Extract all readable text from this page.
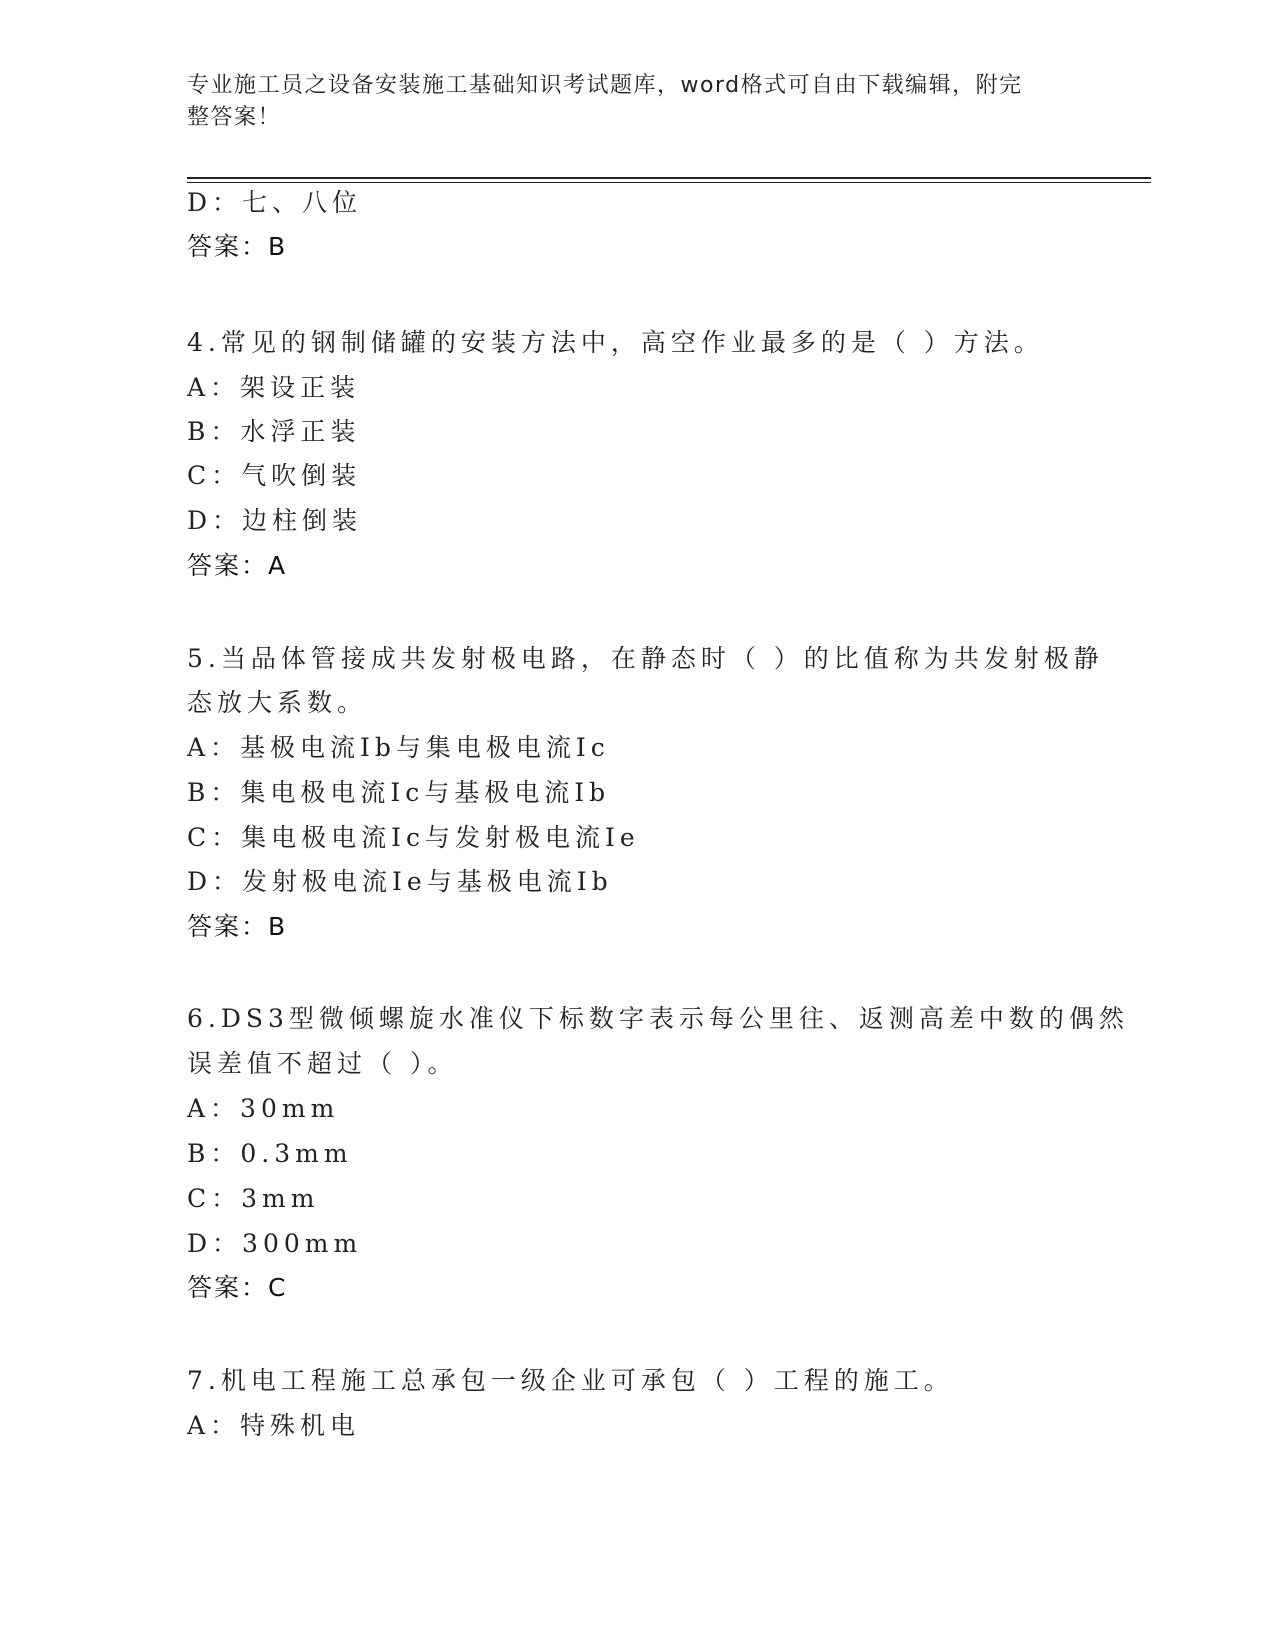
专业施工员之设备安装施工基础知识考试题库，word格式可自由下载编辑，附完
整答案！
D：七、八位
答案：B
4.常见的钢制储罐的安装方法中，高空作业最多的是（ ）方法。
A：架设正装
B：水浮正装
C：气吹倒装
D：边柱倒装
答案：A
5.当品体管接成共发射极电路，在静态时（ ）的比值称为共发射极静
态放大系数。
A：基极电流Ib与集电极电流Ic
B：集电极电流Ic与基极电流Ib
C：集电极电流Ic与发射极电流Ie
D：发射极电流Ie与基极电流Ib
答案：B
6.DS3型微倾螺旋水准仪下标数字表示每公里往、返测高差中数的偶然
误差值不超过（ ）。
A：30mm
B：0.3mm
C：3mm
D：300mm
答案：C
7.机电工程施工总承包一级企业可承包（ ）工程的施工。
A：特殊机电
